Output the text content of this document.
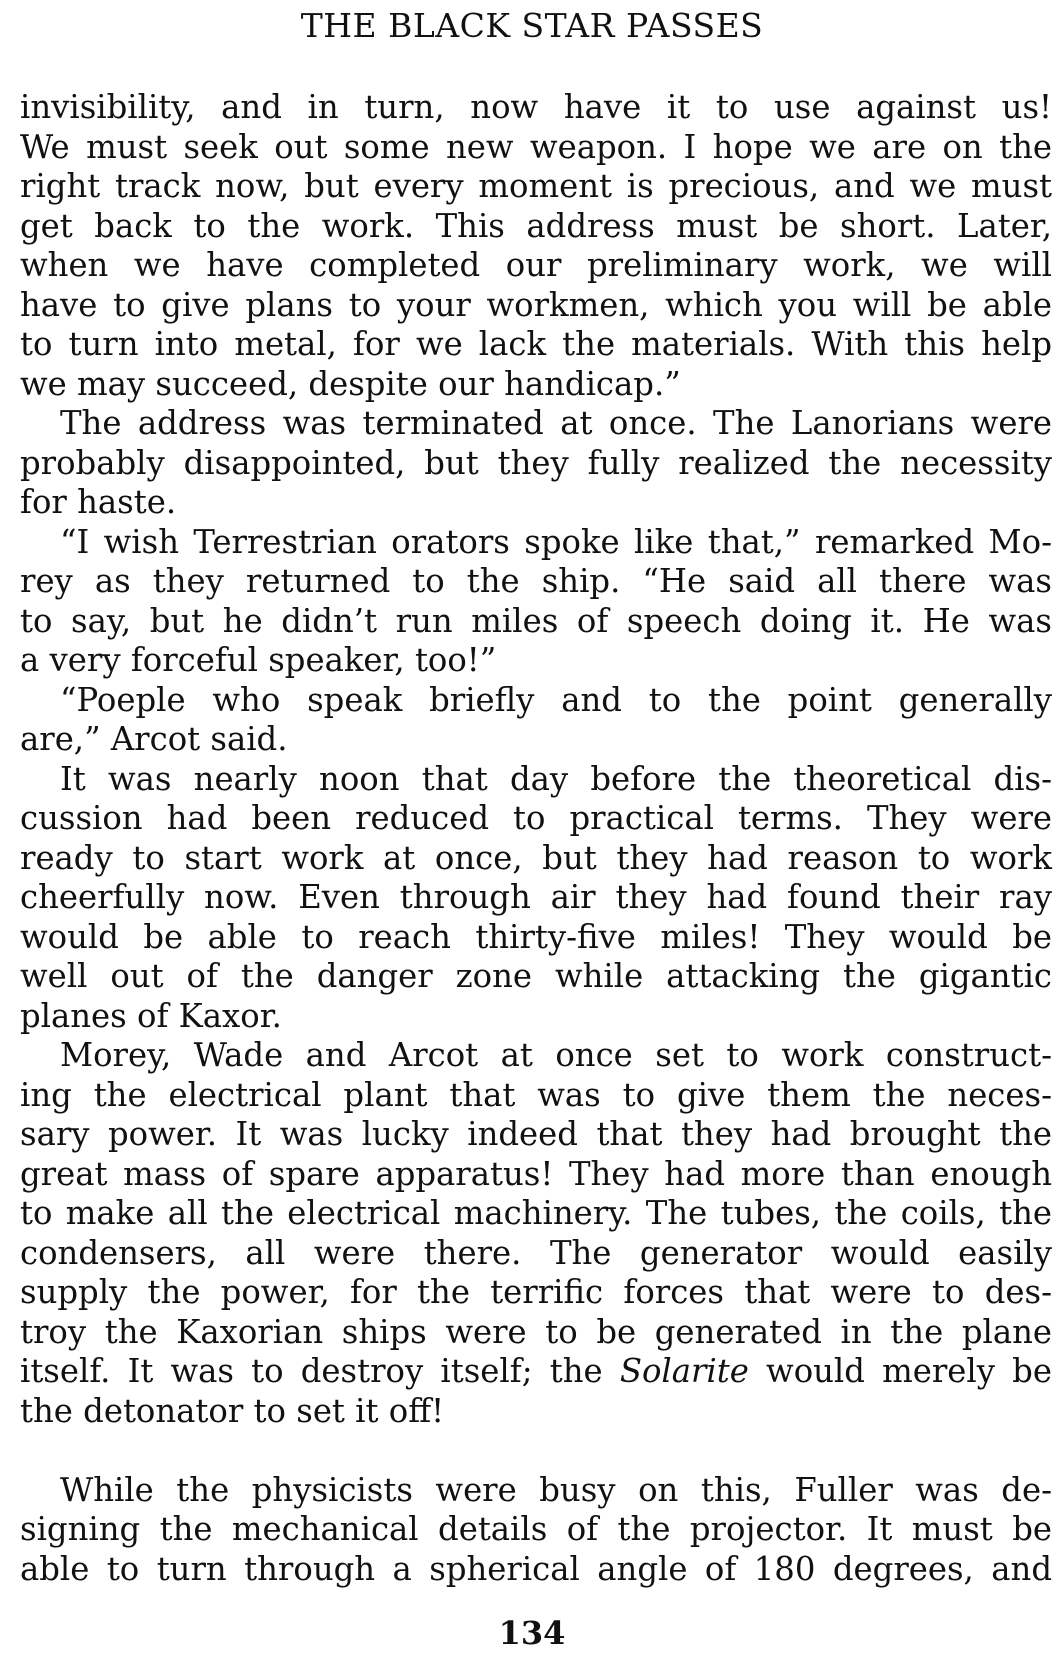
THE BLACK STAR PASSES
invisibility, and in turn, now have it to use against us!
We must seek out some new weapon. I hope we are on the
right track now, but every moment is precious, and we must
get back to the work. This address must be short. Later,
when we have completed our preliminary work, we will
have to give plans to your workmen, which you will be able
to turn into metal, for we lack the materials. With this help
we may succeed, despite our handicap.”
The address was terminated at once. The Lanorians were
probably disappointed, but they fully realized the necessity
for haste.
“I wish Terrestrian orators spoke like that,” remarked Mo-
rey as they returned to the ship. “He said all there was
to say, but he didn’t run miles of speech doing it. He was
a very forceful speaker, too!”
“Poeple who speak briefly and to the point generally
are,” Arcot said.
It was nearly noon that day before the theoretical dis-
cussion had been reduced to practical terms. They were
ready to start work at once, but they had reason to work
cheerfully now. Even through air they had found their ray
would be able to reach thirty-five miles! They would be
well out of the danger zone while attacking the gigantic
planes of Kaxor.
Morey, Wade and Arcot at once set to work construct-
ing the electrical plant that was to give them the neces-
sary power. It was lucky indeed that they had brought the
great mass of spare apparatus! They had more than enough
to make all the electrical machinery. The tubes, the coils, the
condensers, all were there. The generator would easily
supply the power, for the terrific forces that were to des-
troy the Kaxorian ships were to be generated in the plane
itself. It was to destroy itself; the Solarite would merely be
the detonator to set it off!
While the physicists were busy on this, Fuller was de-
signing the mechanical details of the projector. It must be
able to turn through a spherical angle of 180 degrees, and
134
